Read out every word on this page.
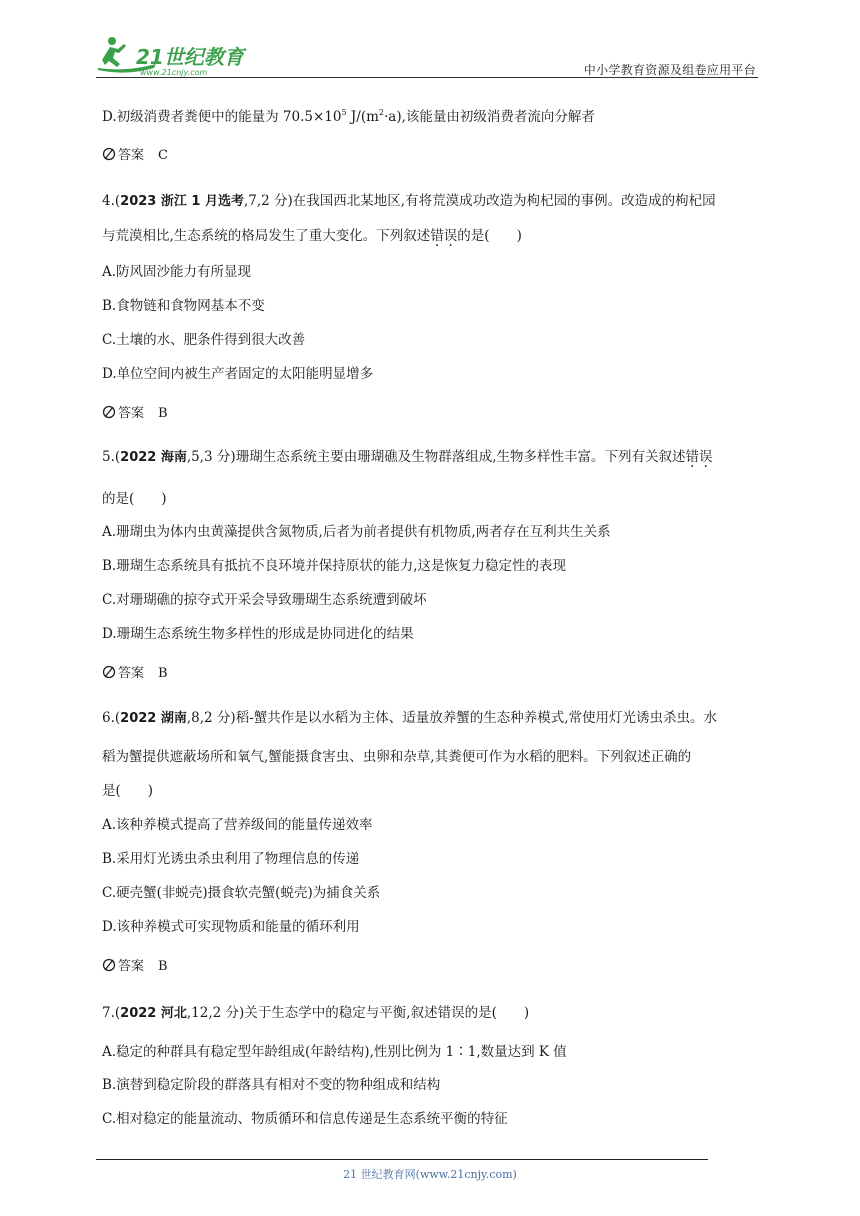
21世纪教育
www.21cnjy.com	中小学教育资源及组卷应用平台
D.初级消费者粪便中的能量为 $70.5\times 10^5$ $J/(m^2\cdot a)$,该能量由初级消费者流向分解者
答案 C
4.(2023 浙江 1 月选考,7,2 分)在我国西北某地区,有将荒漠成功改造为枸杞园的事例。改造成的枸杞园
与荒漠相比,生态系统的格局发生了重大变化。下列叙述错误的是(　　)
A.防风固沙能力有所显现
B.食物链和食物网基本不变
C.土壤的水、肥条件得到很大改善
D.单位空间内被生产者固定的太阳能明显增多
答案 B
5.(2022 海南,5,3 分)珊瑚生态系统主要由珊瑚礁及生物群落组成,生物多样性丰富。下列有关叙述错误
的是(　　)
A.珊瑚虫为体内虫黄藻提供含氮物质,后者为前者提供有机物质,两者存在互利共生关系
B.珊瑚生态系统具有抵抗不良环境并保持原状的能力,这是恢复力稳定性的表现
C.对珊瑚礁的掠夺式开采会导致珊瑚生态系统遭到破坏
D.珊瑚生态系统生物多样性的形成是协同进化的结果
答案 B
6.(2022 湖南,8,2 分)稻-蟹共作是以水稻为主体、适量放养蟹的生态种养模式,常使用灯光诱虫杀虫。水
稻为蟹提供遮蔽场所和氧气,蟹能摄食害虫、虫卵和杂草,其粪便可作为水稻的肥料。下列叙述正确的
是(　　)
A.该种养模式提高了营养级间的能量传递效率
B.采用灯光诱虫杀虫利用了物理信息的传递
C.硬壳蟹(非蜕壳)摄食软壳蟹(蜕壳)为捕食关系
D.该种养模式可实现物质和能量的循环利用
答案 B
7.(2022 河北,12,2 分)关于生态学中的稳定与平衡,叙述错误的是(　　)
A.稳定的种群具有稳定型年龄组成(年龄结构),性别比例为 1∶1,数量达到 K 值
B.演替到稳定阶段的群落具有相对不变的物种组成和结构
C.相对稳定的能量流动、物质循环和信息传递是生态系统平衡的特征
21 世纪教育网(www.21cnjy.com)
